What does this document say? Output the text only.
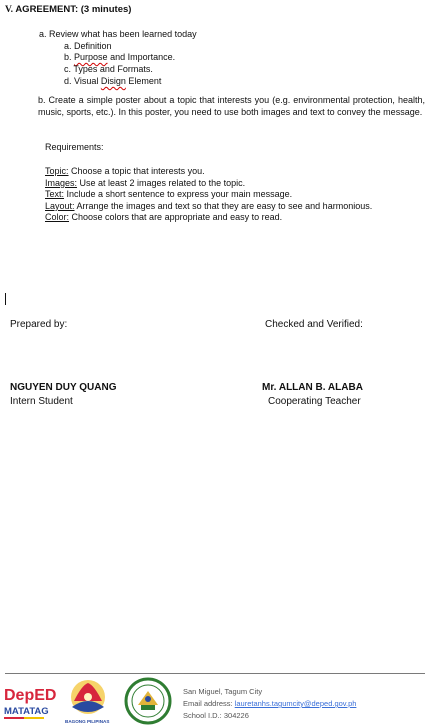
V. AGREEMENT: (3 minutes)
a. Review what has been learned today
a. Definition
b. Purpose and Importance.
c. Types and Formats.
d. Visual Disign Element
b. Create a simple poster about a topic that interests you (e.g. environmental protection, health, music, sports, etc.). In this poster, you need to use both images and text to convey the message.
Requirements:
Topic: Choose a topic that interests you.
Images: Use at least 2 images related to the topic.
Text: Include a short sentence to express your main message.
Layout: Arrange the images and text so that they are easy to see and harmonious.
Color: Choose colors that are appropriate and easy to read.
Prepared by:	Checked and Verified:
NGUYEN DUY QUANG
Intern Student
Mr. ALLAN B. ALABA
Cooperating Teacher
DepED
MATATAG
BAGONG PILIPINAS
San Miguel, Tagum City
Email address: lauretanhs.tagumcity@deped.gov.ph
School I.D.: 304226
